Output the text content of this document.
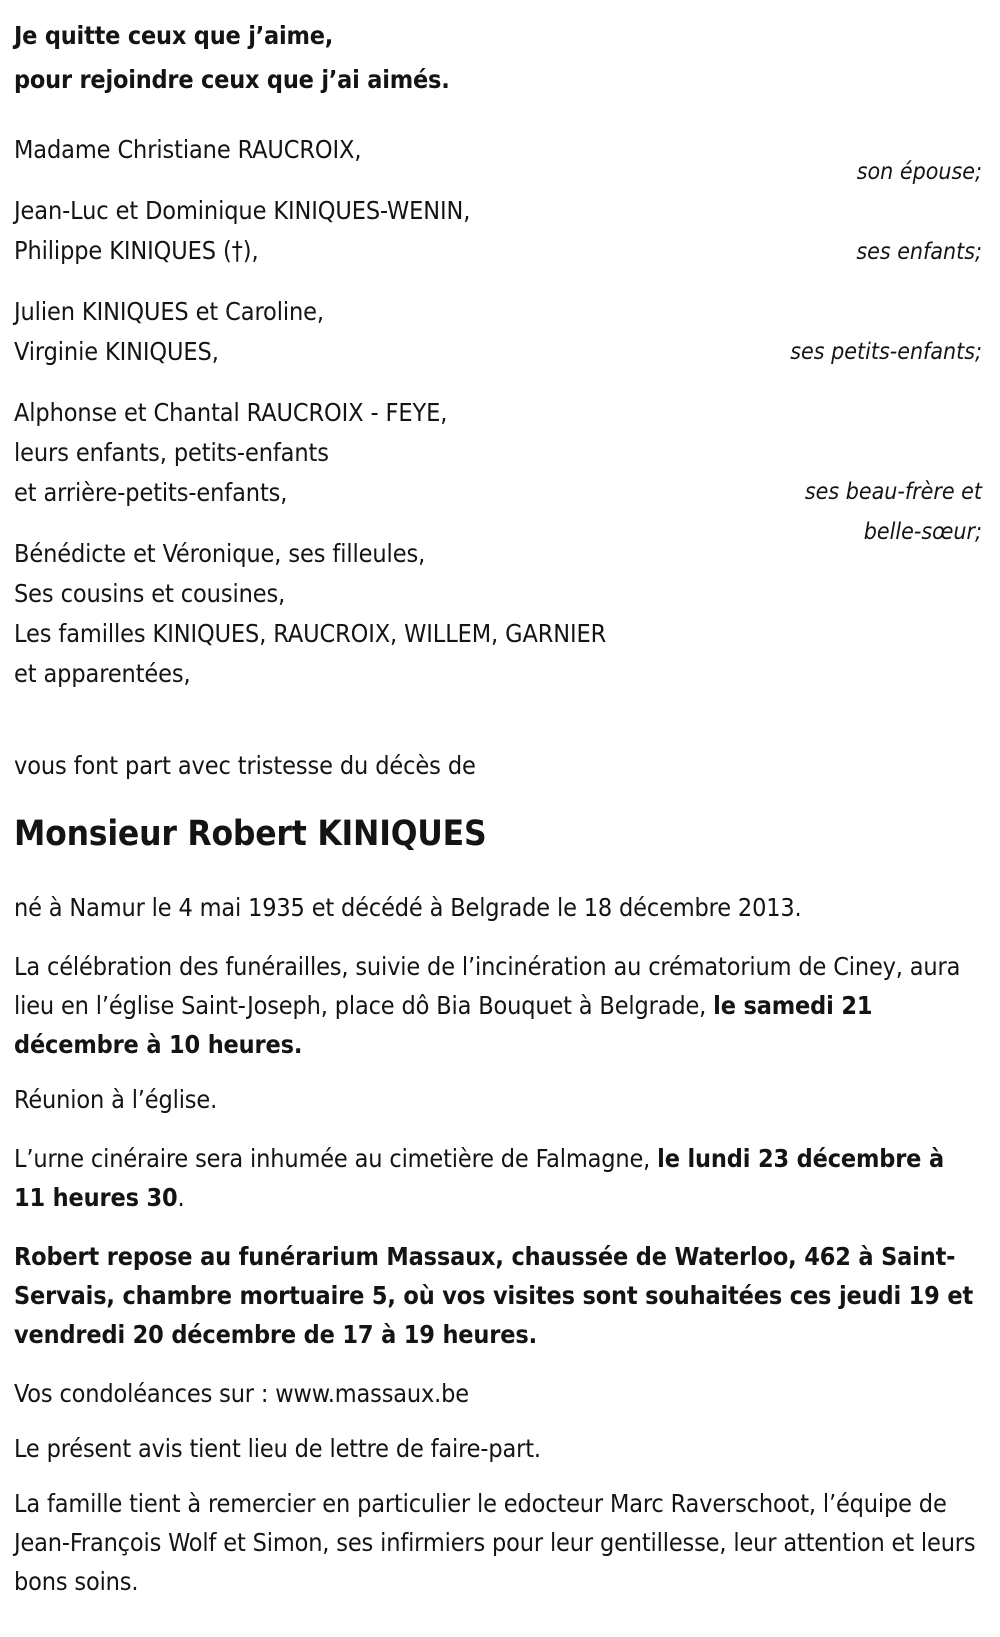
Je quitte ceux que j’aime,
pour rejoindre ceux que j’ai aimés.
Madame Christiane RAUCROIX,
Jean-Luc et Dominique KINIQUES-WENIN,
Philippe KINIQUES (†),
Julien KINIQUES et Caroline,
Virginie KINIQUES,
Alphonse et Chantal RAUCROIX - FEYE,
leurs enfants, petits-enfants
et arrière-petits-enfants,
Bénédicte et Véronique, ses filleules,
Ses cousins et cousines,
Les familles KINIQUES, RAUCROIX, WILLEM, GARNIER
et apparentées,
son épouse;
ses enfants;
ses petits-enfants;
ses beau-frère et
belle-sœur;
vous font part avec tristesse du décès de
Monsieur Robert KINIQUES
né à Namur le 4 mai 1935 et décédé à Belgrade le 18 décembre 2013.
La célébration des funérailles, suivie de l’incinération au crématorium de Ciney, aura lieu en l’église Saint-Joseph, place dô Bia Bouquet à Belgrade, le samedi 21 décembre à 10 heures.
Réunion à l’église.
L’urne cinéraire sera inhumée au cimetière de Falmagne, le lundi 23 décembre à 11 heures 30.
Robert repose au funérarium Massaux, chaussée de Waterloo, 462 à Saint-Servais, chambre mortuaire 5, où vos visites sont souhaitées ces jeudi 19 et vendredi 20 décembre de 17 à 19 heures.
Vos condoléances sur : www.massaux.be
Le présent avis tient lieu de lettre de faire-part.
La famille tient à remercier en particulier le edocteur Marc Raverschoot, l’équipe de Jean-François Wolf et Simon, ses infirmiers pour leur gentillesse, leur attention et leurs bons soins.
